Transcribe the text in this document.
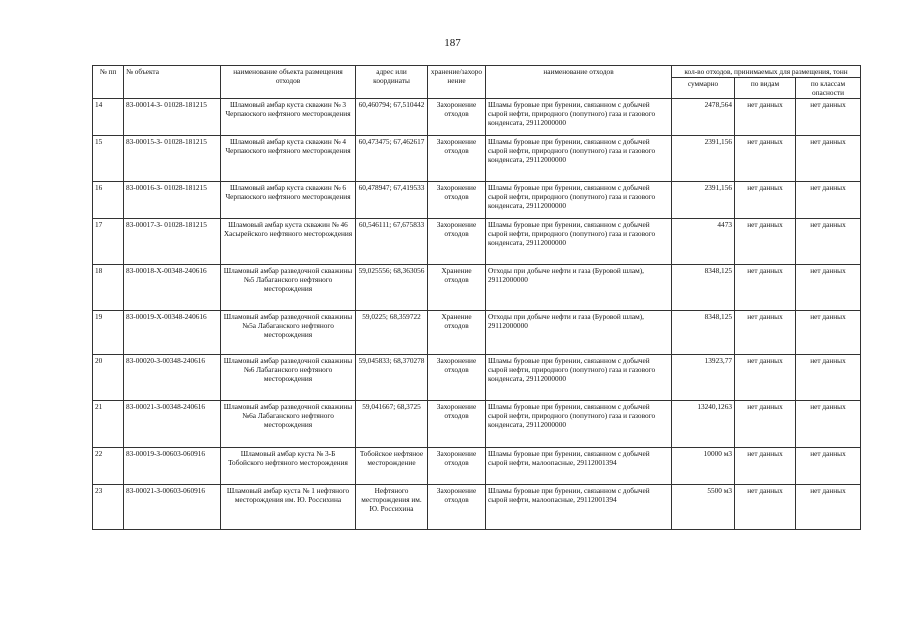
187
№ пп	№ объекта	наименование объекта размещения отходов	адрес или координаты	хранение/захоро нение	наименование отходов	кол-во отходов, принимаемых для размещения, тонн		
						суммарно	по видам	по классам опасности
14	83-00014-З- 01028-181215	Шламовый амбар куста скважин № 3 Черпаюского нефтяного месторождения	60,460794; 67,510442	Захоронение отходов	Шламы буровые при бурении, связанном с добычей сырой нефти, природного (попутного) газа и газового конденсата, 29112000000	2478,564	нет данных	нет данных
15	83-00015-З- 01028-181215	Шламовый амбар куста скважин № 4 Черпаюского нефтяного месторождения	60,473475; 67,462617	Захоронение отходов	Шламы буровые при бурении, связанном с добычей сырой нефти, природного (попутного) газа и газового конденсата, 29112000000	2391,156	нет данных	нет данных
16	83-00016-З- 01028-181215	Шламовый амбар куста скважин № 6 Черпаюского нефтяного месторождения	60,478947; 67,419533	Захоронение отходов	Шламы буровые при бурении, связанном с добычей сырой нефти, природного (попутного) газа и газового конденсата, 29112000000	2391,156	нет данных	нет данных
17	83-00017-З- 01028-181215	Шламовый амбар куста скважин № 46 Хасырейского нефтяного месторождения	60,546111; 67,675833	Захоронение отходов	Шламы буровые при бурении, связанном с добычей сырой нефти, природного (попутного) газа и газового конденсата, 29112000000	4473	нет данных	нет данных
18	83-00018-Х-00348-240616	Шламовый амбар разведочной скважины №5 Лабаганского нефтяного месторождения	59,025556; 68,363056	Хранение отходов	Отходы при добыче нефти и газа (Буровой шлам), 29112000000	8348,125	нет данных	нет данных
19	83-00019-Х-00348-240616	Шламовый амбар разведочной скважины №5а Лабаганского нефтяного месторождения	59,0225; 68,359722	Хранение отходов	Отходы при добыче нефти и газа (Буровой шлам), 29112000000	8348,125	нет данных	нет данных
20	83-00020-З-00348-240616	Шламовый амбар разведочной скважины №6 Лабаганского нефтяного месторождения	59,045833; 68,370278	Захоронение отходов	Шламы буровые при бурении, связанном с добычей сырой нефти, природного (попутного) газа и газового конденсата, 29112000000	13923,77	нет данных	нет данных
21	83-00021-З-00348-240616	Шламовый амбар разведочной скважины №6а Лабаганского нефтяного месторождения	59,041667; 68,3725	Захоронение отходов	Шламы буровые при бурении, связанном с добычей сырой нефти, природного (попутного) газа и газового конденсата, 29112000000	13240,1263	нет данных	нет данных
22	83-00019-З-00603-060916	Шламовый амбар куста № 3-Б Тобойского нефтяного месторождения	Тобойское нефтяное месторождение	Захоронение отходов	Шламы буровые при бурении, связанном с добычей сырой нефти, малоопасные, 29112001394	10000 м3	нет данных	нет данных
23	83-00021-З-00603-060916	Шламовый амбар куста № 1 нефтяного месторождения им. Ю. Россихина	Нефтяного месторождения им. Ю. Россихина	Захоронение отходов	Шламы буровые при бурении, связанном с добычей сырой нефти, малоопасные, 29112001394	5500 м3	нет данных	нет данных
